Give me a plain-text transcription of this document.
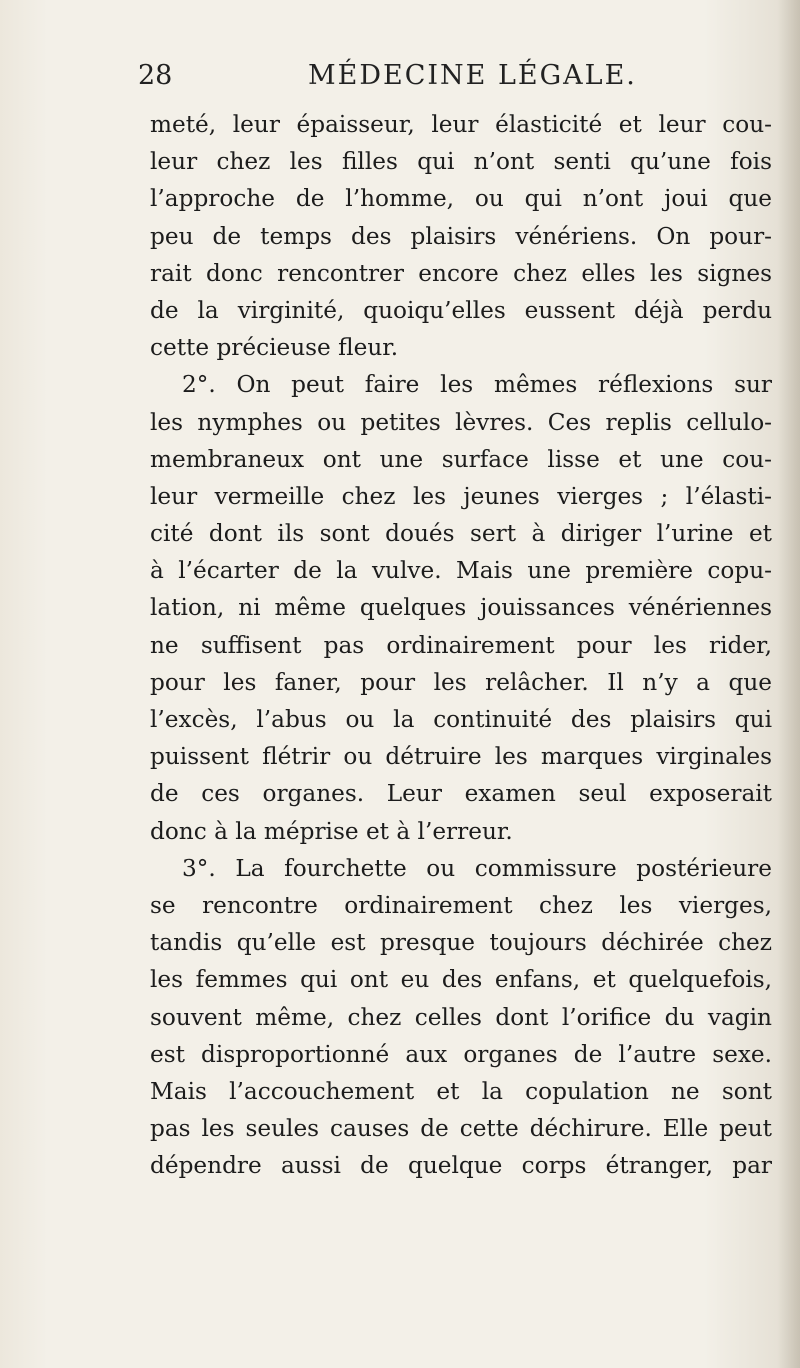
28	MÉDECINE LÉGALE.
meté, leur épaisseur, leur élasticité et leur cou-
leur chez les filles qui n’ont senti qu’une fois
l’approche de l’homme, ou qui n’ont joui que
peu de temps des plaisirs vénériens. On pour-
rait donc rencontrer encore chez elles les signes
de la virginité, quoiqu’elles eussent déjà perdu
cette précieuse fleur.
2°. On peut faire les mêmes réflexions sur
les nymphes ou petites lèvres. Ces replis cellulo-
membraneux ont une surface lisse et une cou-
leur vermeille chez les jeunes vierges ; l’élasti-
cité dont ils sont doués sert à diriger l’urine et
à l’écarter de la vulve. Mais une première copu-
lation, ni même quelques jouissances vénériennes
ne suffisent pas ordinairement pour les rider,
pour les faner, pour les relâcher. Il n’y a que
l’excès, l’abus ou la continuité des plaisirs qui
puissent flétrir ou détruire les marques virginales
de ces organes. Leur examen seul exposerait
donc à la méprise et à l’erreur.
3°. La fourchette ou commissure postérieure
se rencontre ordinairement chez les vierges,
tandis qu’elle est presque toujours déchirée chez
les femmes qui ont eu des enfans, et quelquefois,
souvent même, chez celles dont l’orifice du vagin
est disproportionné aux organes de l’autre sexe.
Mais l’accouchement et la copulation ne sont
pas les seules causes de cette déchirure. Elle peut
dépendre aussi de quelque corps étranger, par
